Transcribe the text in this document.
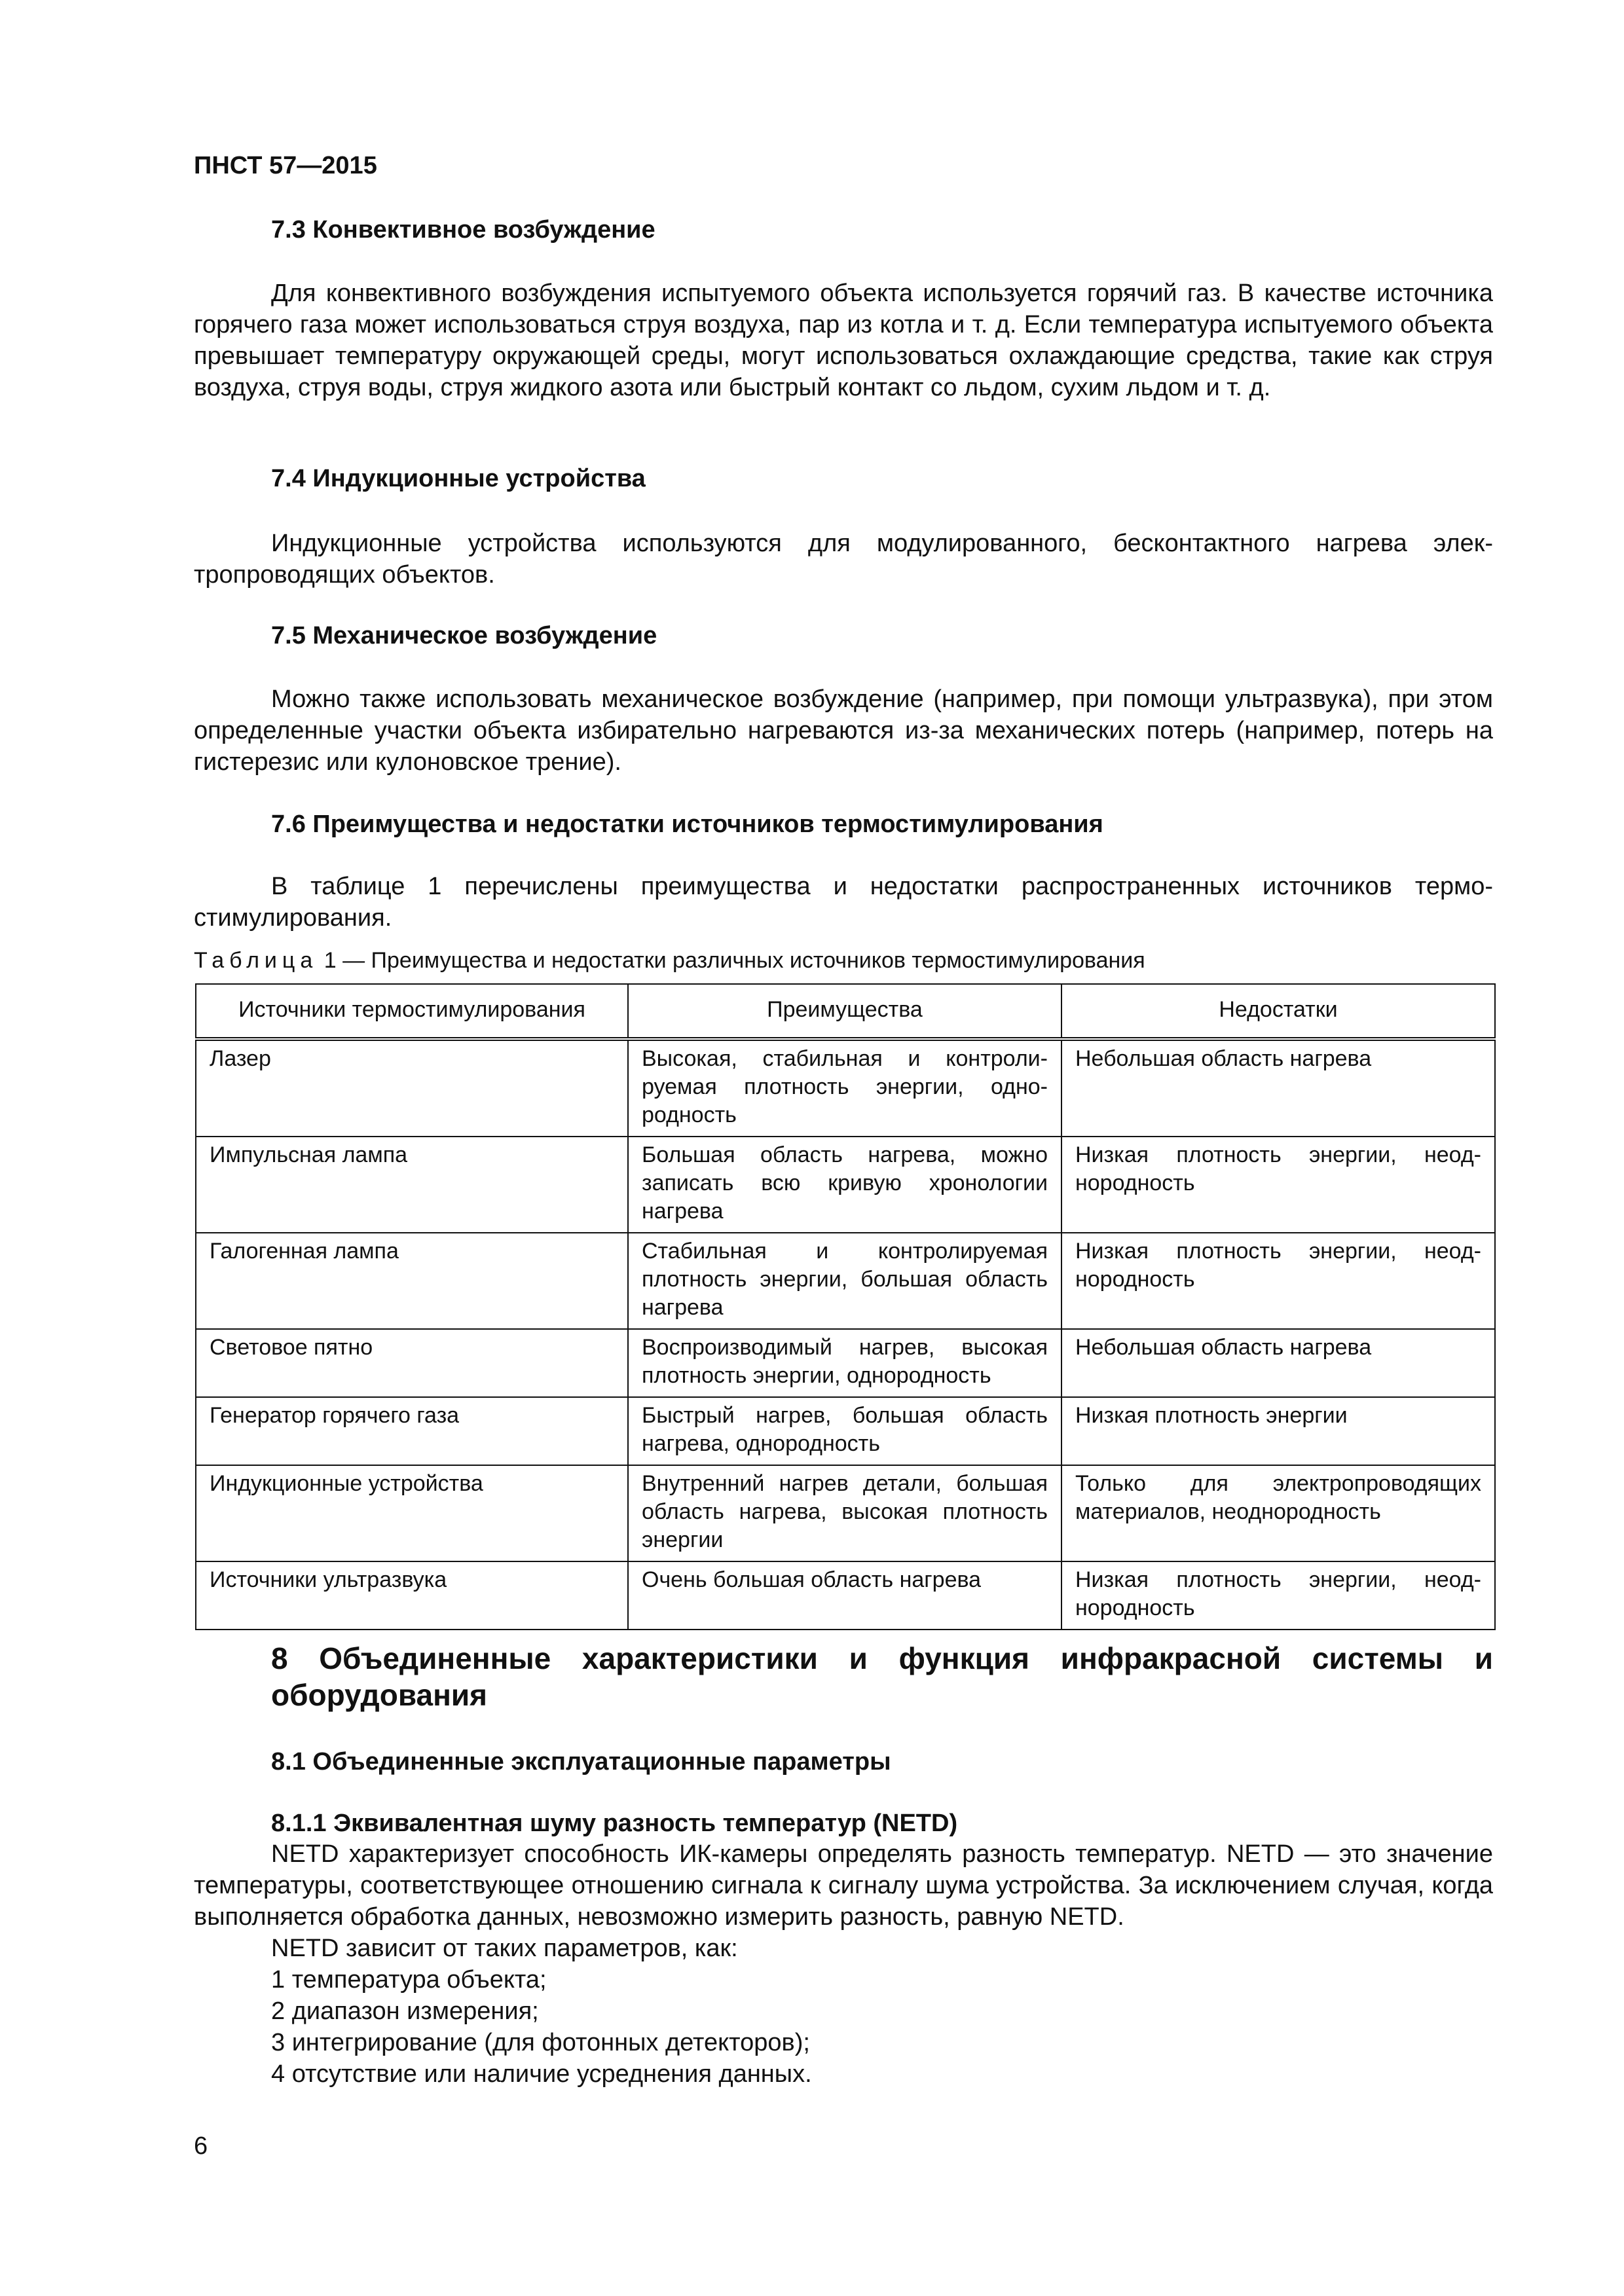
ПНСТ 57—2015
7.3 Конвективное возбуждение
Для конвективного возбуждения испытуемого объекта используется горячий газ. В качестве источника горячего газа может использоваться струя воздуха, пар из котла и т. д. Если температура испытуемого объекта превышает температуру окружающей среды, могут использоваться охлаждающие средства, такие как струя воздуха, струя воды, струя жидкого азота или быстрый контакт со льдом, сухим льдом и т. д.
7.4 Индукционные устройства
Индукционные устройства используются для модулированного, бесконтактного нагрева электропроводящих объектов.
7.5 Механическое возбуждение
Можно также использовать механическое возбуждение (например, при помощи ультразвука), при этом определенные участки объекта избирательно нагреваются из-за механических потерь (например, потерь на гистерезис или кулоновское трение).
7.6 Преимущества и недостатки источников термостимулирования
В таблице 1 перечислены преимущества и недостатки распространенных источников термостимулирования.
Таблица 1 — Преимущества и недостатки различных источников термостимулирования
Источники термостимулирования	Преимущества	Недостатки
Лазер	Высокая, стабильная и контролируемая плотность энергии, однородность	Небольшая область нагрева
Импульсная лампа	Большая область нагрева, можно записать всю кривую хронологии нагрева	Низкая плотность энергии, неоднородность
Галогенная лампа	Стабильная и контролируемая плотность энергии, большая область нагрева	Низкая плотность энергии, неоднородность
Световое пятно	Воспроизводимый нагрев, высокая плотность энергии, однородность	Небольшая область нагрева
Генератор горячего газа	Быстрый нагрев, большая область нагрева, однородность	Низкая плотность энергии
Индукционные устройства	Внутренний нагрев детали, большая область нагрева, высокая плотность энергии	Только для электропроводящих материалов, неоднородность
Источники ультразвука	Очень большая область нагрева	Низкая плотность энергии, неоднородность
8 Объединенные характеристики и функция инфракрасной системы и оборудования
8.1 Объединенные эксплуатационные параметры
8.1.1 Эквивалентная шуму разность температур (NETD)
NETD характеризует способность ИК-камеры определять разность температур. NETD — это значение температуры, соответствующее отношению сигнала к сигналу шума устройства. За исключением случая, когда выполняется обработка данных, невозможно измерить разность, равную NETD.
NETD зависит от таких параметров, как:
1 температура объекта;
2 диапазон измерения;
3 интегрирование (для фотонных детекторов);
4 отсутствие или наличие усреднения данных.
6
